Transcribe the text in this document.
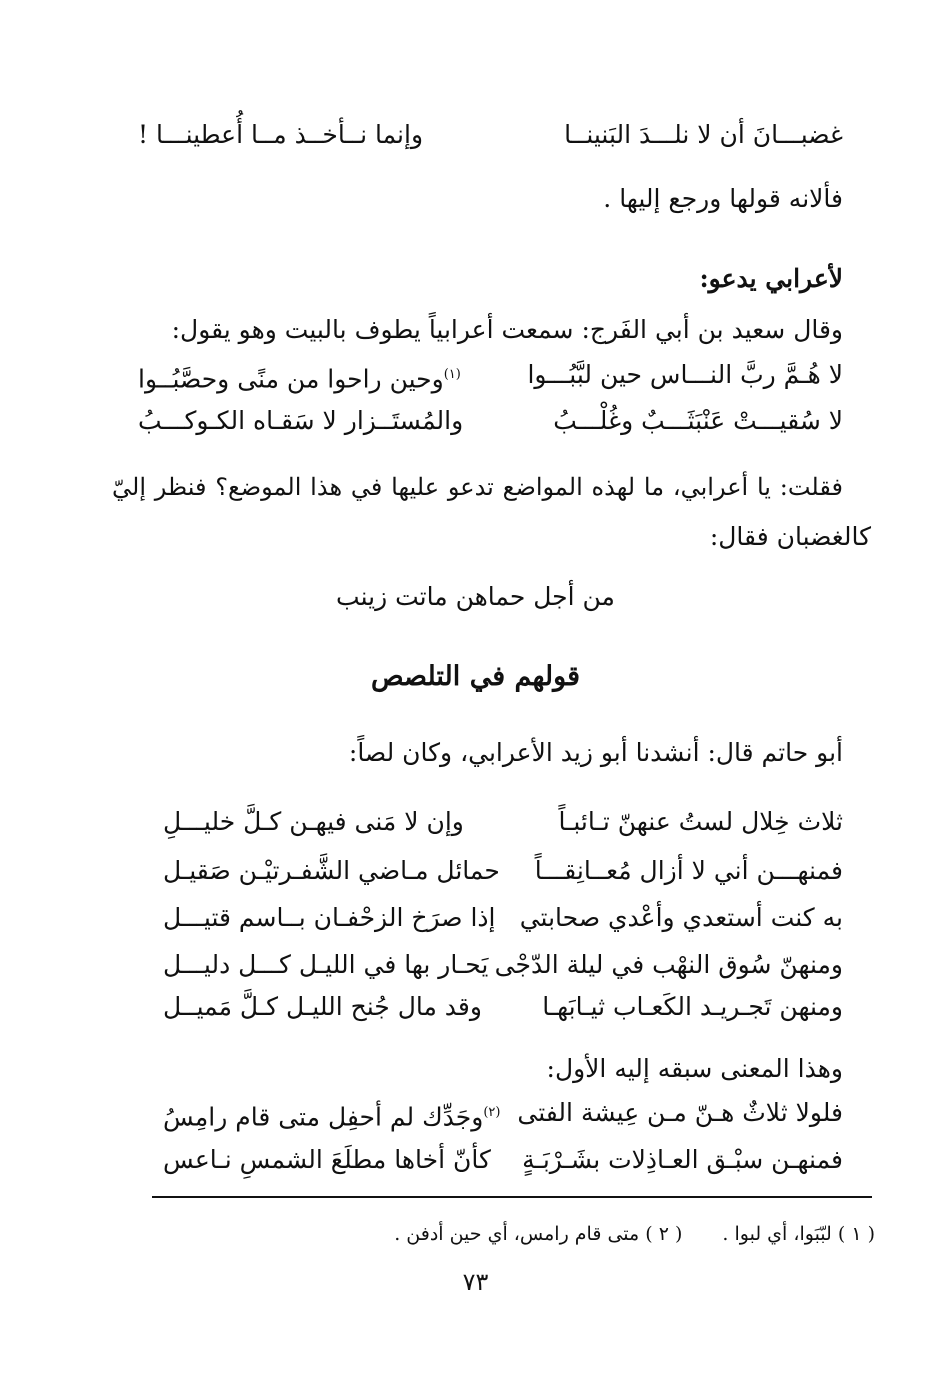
غضبـــانَ أن لا نلـــدَ البَنينــا
وإنما نــأخــذ مــا أُعطينـــا !
فألانه قولها ورجع إليها .
لأعرابي يدعو:
وقال سعيد بن أبي الفَرج: سمعت أعرابياً يطوف بالبيت وهو يقول:
لا هُـمَّ ربَّ النـــاس حين لبَّبُـــوا
$^{(١)}$وحين راحوا من منًى وحصَّبُــوا
لا سُقيـــتْ عَنْبَثَـــبٌ وغُلْـــبُ
والمُستَــزار لا سَقـاه الكـوكـــبُ
فقلت: يا أعرابي، ما لهذه المواضع تدعو عليها في هذا الموضع؟ فنظر إليّ
كالغضبان فقال:
من أجل حماهن ماتت زينب
قولهم في التلصص
أبو حاتم قال: أنشدنا أبو زيد الأعرابي، وكان لصاً:
ثلاث خِلال لستُ عنهنّ تـائبـاً
وإن لا مَنى فيهـن كـلَّ خليـــلِ
فمنهـــن أني لا أزال مُعــانِقـــاً
حمائل مـاضي الشَّفـرتيْـن صَقيـل
به كنت أستعدي وأعْدي صحابتي
إذا صرَخ الزحْفـان بــاسم قتيـــل
ومنهنّ سُوق النهْب في ليلة الدّجْى
يَحـار بها في الليـل كـــل دليـــل
ومنهن تَجـريـد الكَعـاب ثيـابَهـا
وقد مال جُنح الليـل كـلَّ مَميــل
وهذا المعنى سبقه إليه الأول:
فلولا ثلاثٌ هـنّ مـن عِيشة الفتى
$^{(٢)}$وجَدِّك لم أحفِل متى قام رامِسُ
فمنهـن سبْـق العـاذِلات بشَـرْبَـةٍ
كأنّ أخاها مطلَعَ الشمسِ نـاعس
( ١ ) لبّبَوا، أي لبوا . ( ٢ ) متى قام رامس، أي حين أدفن .
٧٣
